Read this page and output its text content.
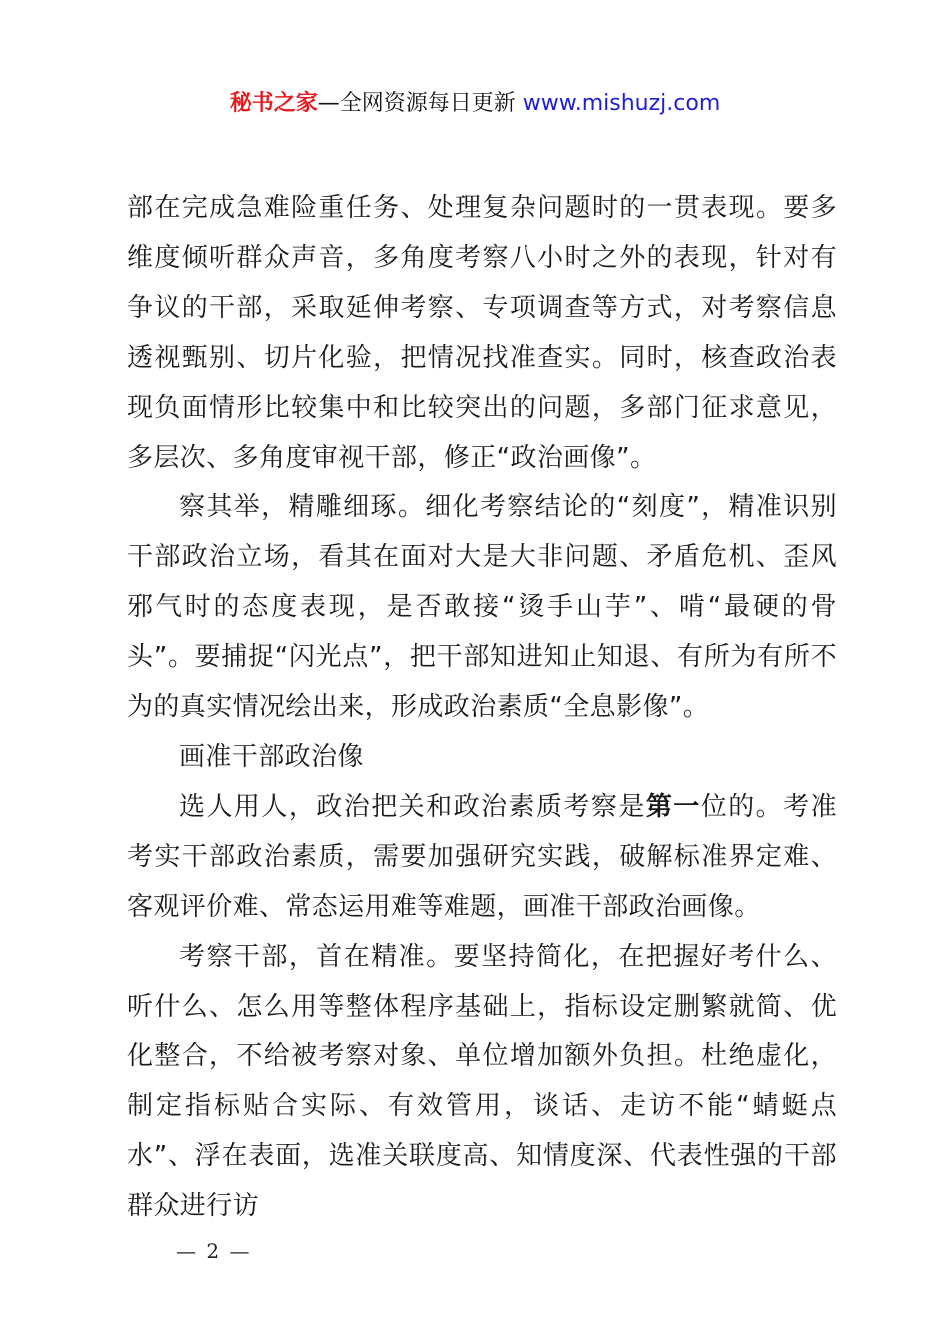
秘书之家—全网资源每日更新 www.mishuzj.com

部在完成急难险重任务、处理复杂问题时的一贯表现。要多维度倾听群众声音，多角度考察八小时之外的表现，针对有争议的干部，采取延伸考察、专项调查等方式，对考察信息透视甄别、切片化验，把情况找准查实。同时，核查政治表现负面情形比较集中和比较突出的问题，多部门征求意见，多层次、多角度审视干部，修正“政治画像”。

察其举，精雕细琢。细化考察结论的“刻度”，精准识别干部政治立场，看其在面对大是大非问题、矛盾危机、歪风邪气时的态度表现，是否敢接“烫手山芋”、啃“最硬的骨头”。要捕捉“闪光点”，把干部知进知止知退、有所为有所不为的真实情况绘出来，形成政治素质“全息影像”。

画准干部政治像

选人用人，政治把关和政治素质考察是第一位的。考准考实干部政治素质，需要加强研究实践，破解标准界定难、客观评价难、常态运用难等难题，画准干部政治画像。

考察干部，首在精准。要坚持简化，在把握好考什么、听什么、怎么用等整体程序基础上，指标设定删繁就简、优化整合，不给被考察对象、单位增加额外负担。杜绝虚化，制定指标贴合实际、有效管用，谈话、走访不能“蜻蜓点水”、浮在表面，选准关联度高、知情度深、代表性强的干部群众进行访

— 2 —
